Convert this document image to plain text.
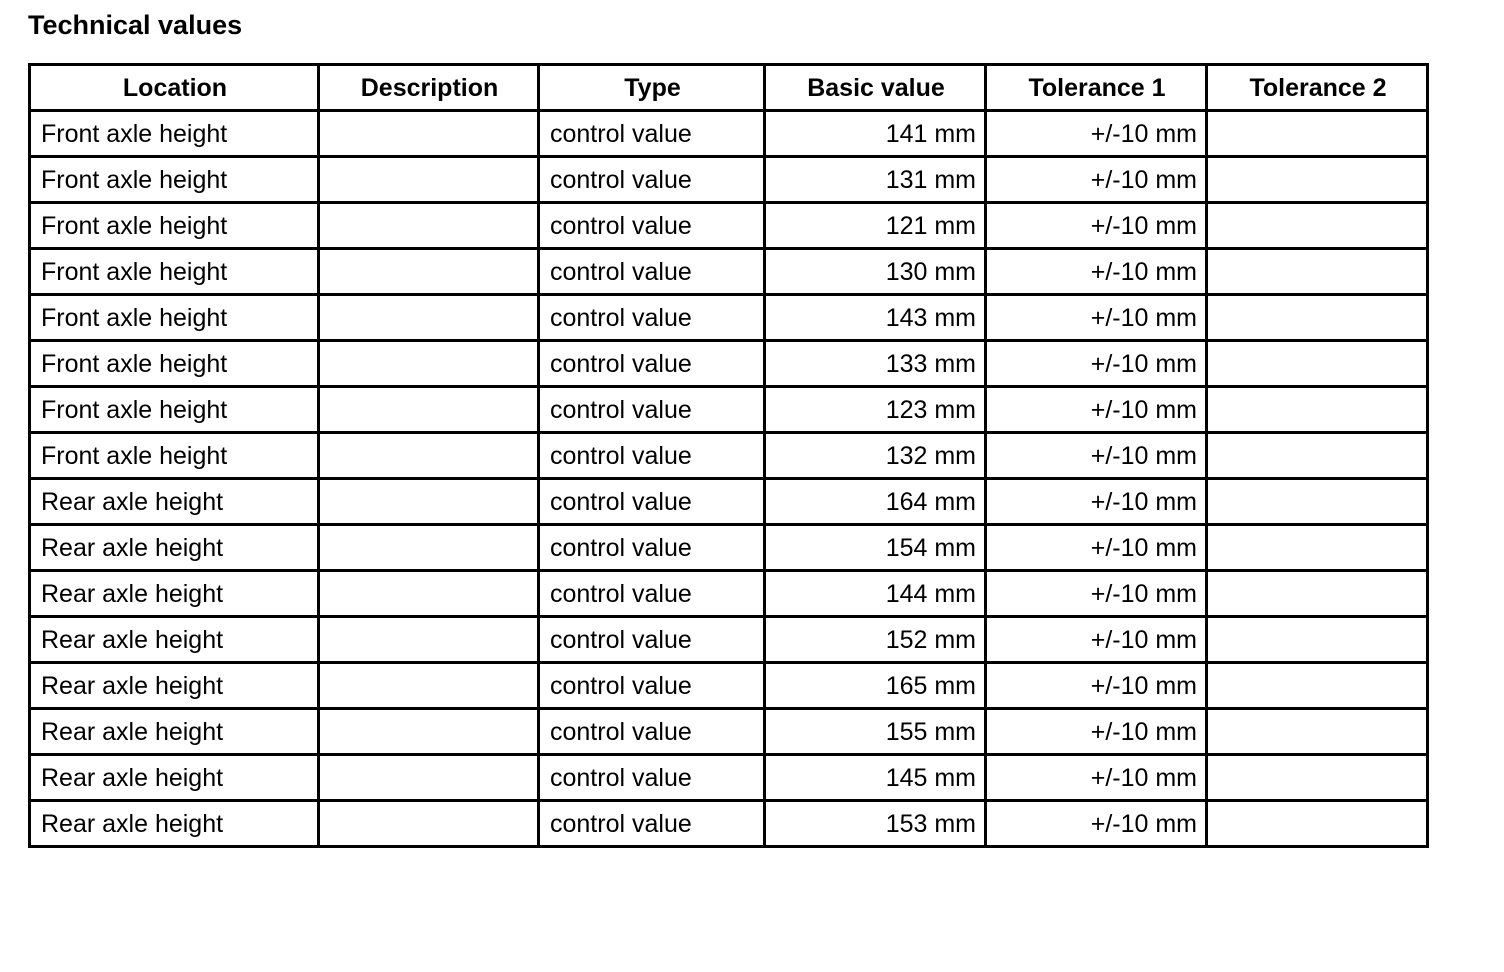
Technical values
Location	Description	Type	Basic value	Tolerance 1	Tolerance 2
Front axle height		control value	141 mm	+/-10 mm	
Front axle height		control value	131 mm	+/-10 mm	
Front axle height		control value	121 mm	+/-10 mm	
Front axle height		control value	130 mm	+/-10 mm	
Front axle height		control value	143 mm	+/-10 mm	
Front axle height		control value	133 mm	+/-10 mm	
Front axle height		control value	123 mm	+/-10 mm	
Front axle height		control value	132 mm	+/-10 mm	
Rear axle height		control value	164 mm	+/-10 mm	
Rear axle height		control value	154 mm	+/-10 mm	
Rear axle height		control value	144 mm	+/-10 mm	
Rear axle height		control value	152 mm	+/-10 mm	
Rear axle height		control value	165 mm	+/-10 mm	
Rear axle height		control value	155 mm	+/-10 mm	
Rear axle height		control value	145 mm	+/-10 mm	
Rear axle height		control value	153 mm	+/-10 mm	
